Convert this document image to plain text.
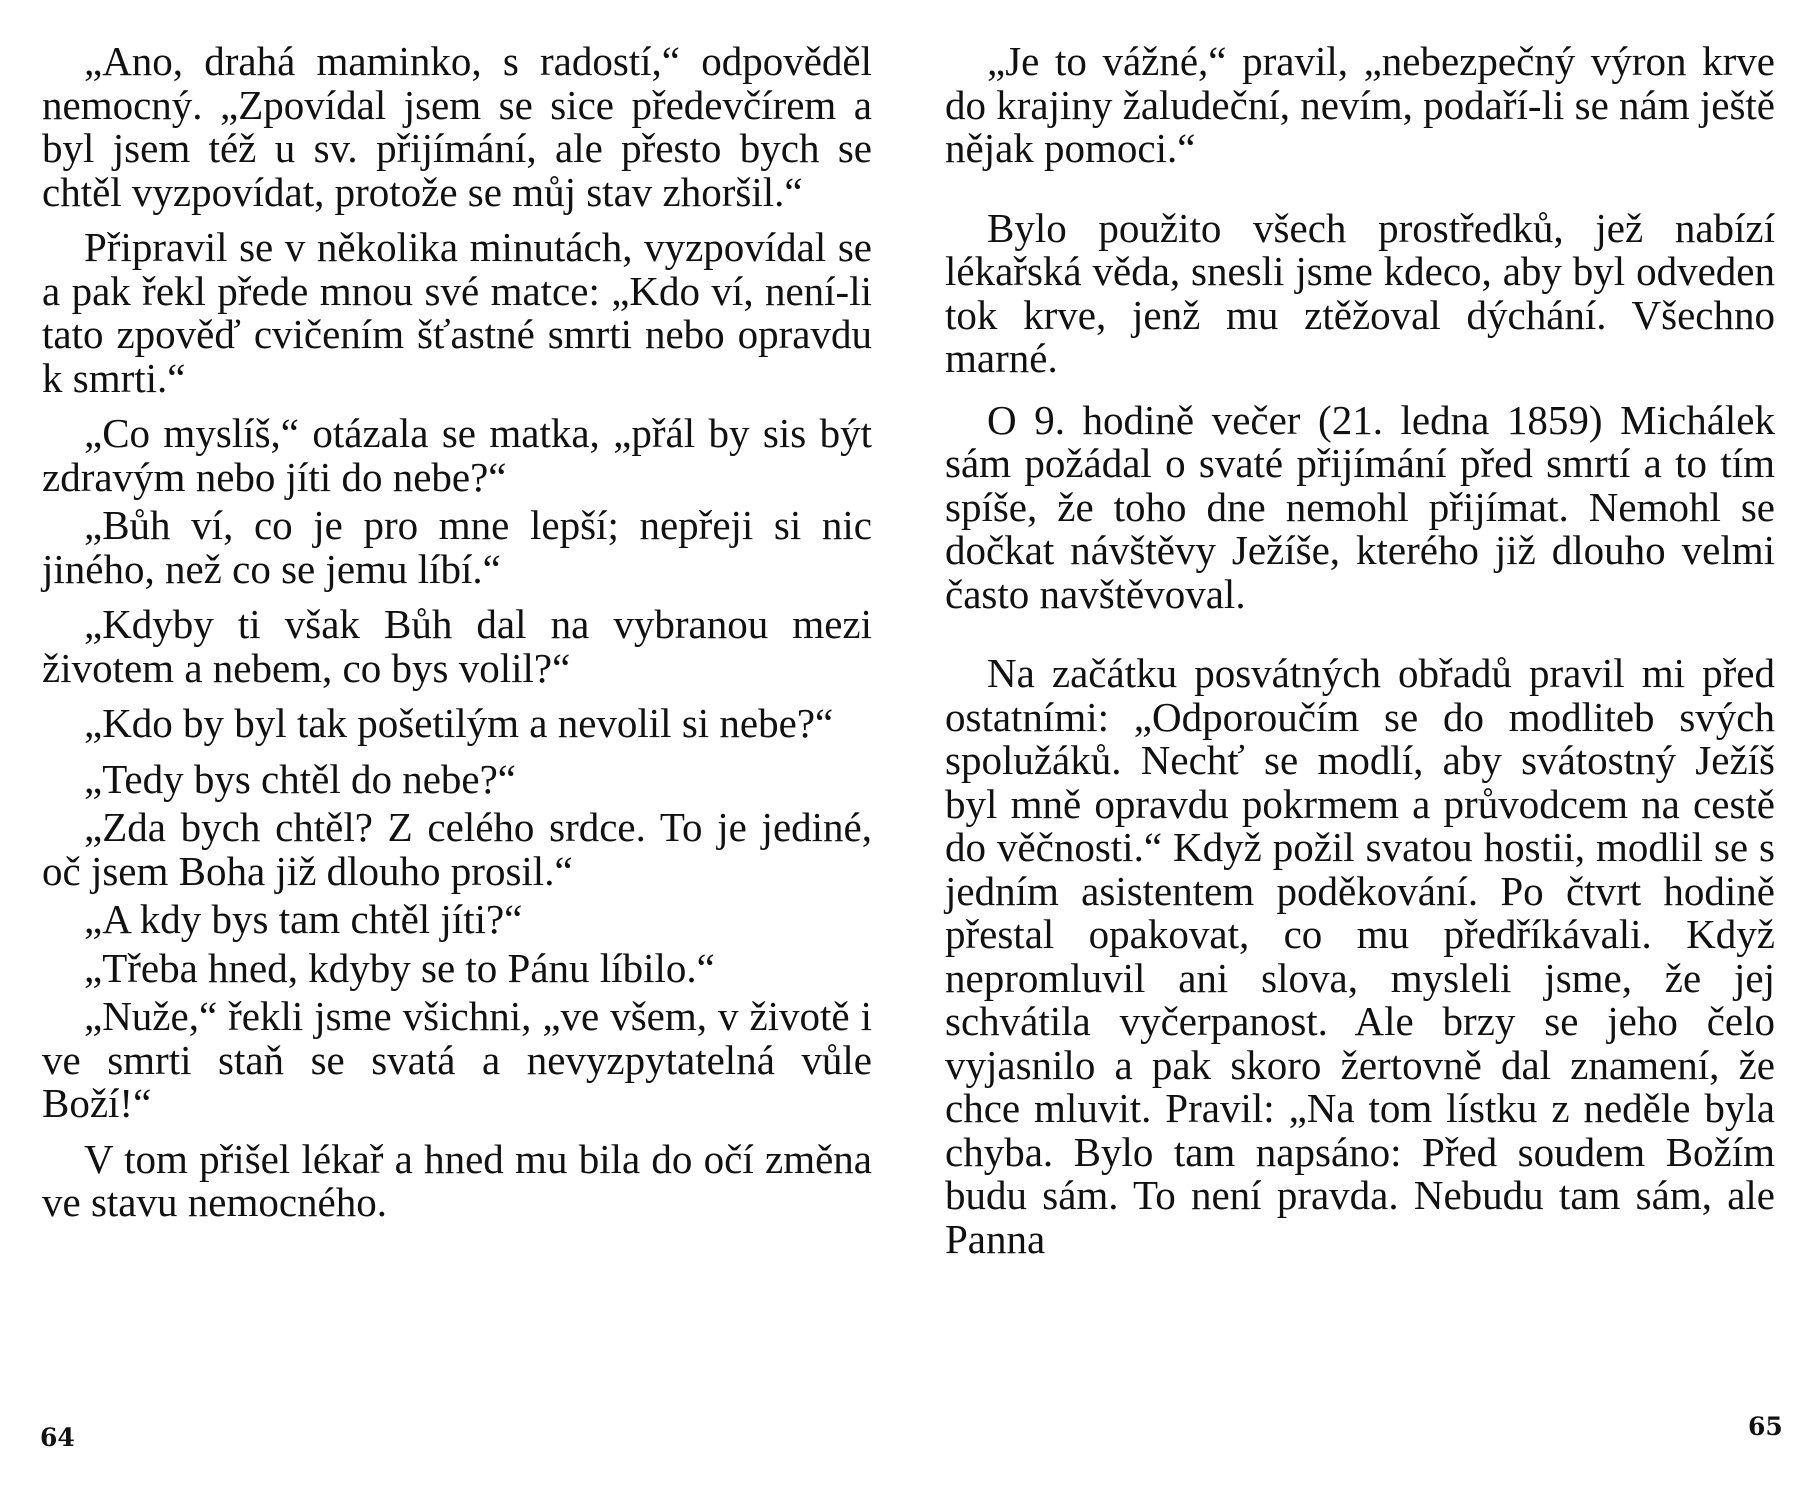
„Ano, drahá maminko, s radostí,“ odpověděl nemocný. „Zpovídal jsem se sice předevčírem a byl jsem též u sv. přijímání, ale přesto bych se chtěl vyzpovídat, protože se můj stav zhoršil.“

Připravil se v několika minutách, vyzpovídal se a pak řekl přede mnou své matce: „Kdo ví, není-li tato zpověď cvičením šťastné smrti nebo opravdu k smrti.“

„Co myslíš,“ otázala se matka, „přál by sis být zdravým nebo jíti do nebe?“

„Bůh ví, co je pro mne lepší; nepřeji si nic jiného, než co se jemu líbí.“

„Kdyby ti však Bůh dal na vybranou mezi životem a nebem, co bys volil?“

„Kdo by byl tak pošetilým a nevolil si nebe?“

„Tedy bys chtěl do nebe?“

„Zda bych chtěl? Z celého srdce. To je jediné, oč jsem Boha již dlouho prosil.“

„A kdy bys tam chtěl jíti?“

„Třeba hned, kdyby se to Pánu líbilo.“

„Nuže,“ řekli jsme všichni, „ve všem, v životě i ve smrti staň se svatá a nevyzpytatelná vůle Boží!“

V tom přišel lékař a hned mu bila do očí změna ve stavu nemocného.

„Je to vážné,“ pravil, „nebezpečný výron krve do krajiny žaludeční, nevím, podaří-li se nám ještě nějak pomoci.“

Bylo použito všech prostředků, jež nabízí lékařská věda, snesli jsme kdeco, aby byl odveden tok krve, jenž mu ztěžoval dýchání. Všechno marné.

O 9. hodině večer (21. ledna 1859) Michálek sám požádal o svaté přijímání před smrtí a to tím spíše, že toho dne nemohl přijímat. Nemohl se dočkat návštěvy Ježíše, kterého již dlouho velmi často navštěvoval.

Na začátku posvátných obřadů pravil mi před ostatními: „Odporoučím se do modliteb svých spolužáků. Nechť se modlí, aby svátostný Ježíš byl mně opravdu pokrmem a průvodcem na cestě do věčnosti.“ Když požil svatou hostii, modlil se s jedním asistentem poděkování. Po čtvrt hodině přestal opakovat, co mu předříkávali. Když nepromluvil ani slova, mysleli jsme, že jej schvátila vyčerpanost. Ale brzy se jeho čelo vyjasnilo a pak skoro žertovně dal znamení, že chce mluvit. Pravil: „Na tom lístku z neděle byla chyba. Bylo tam napsáno: Před soudem Božím budu sám. To není pravda. Nebudu tam sám, ale Panna

64	65
